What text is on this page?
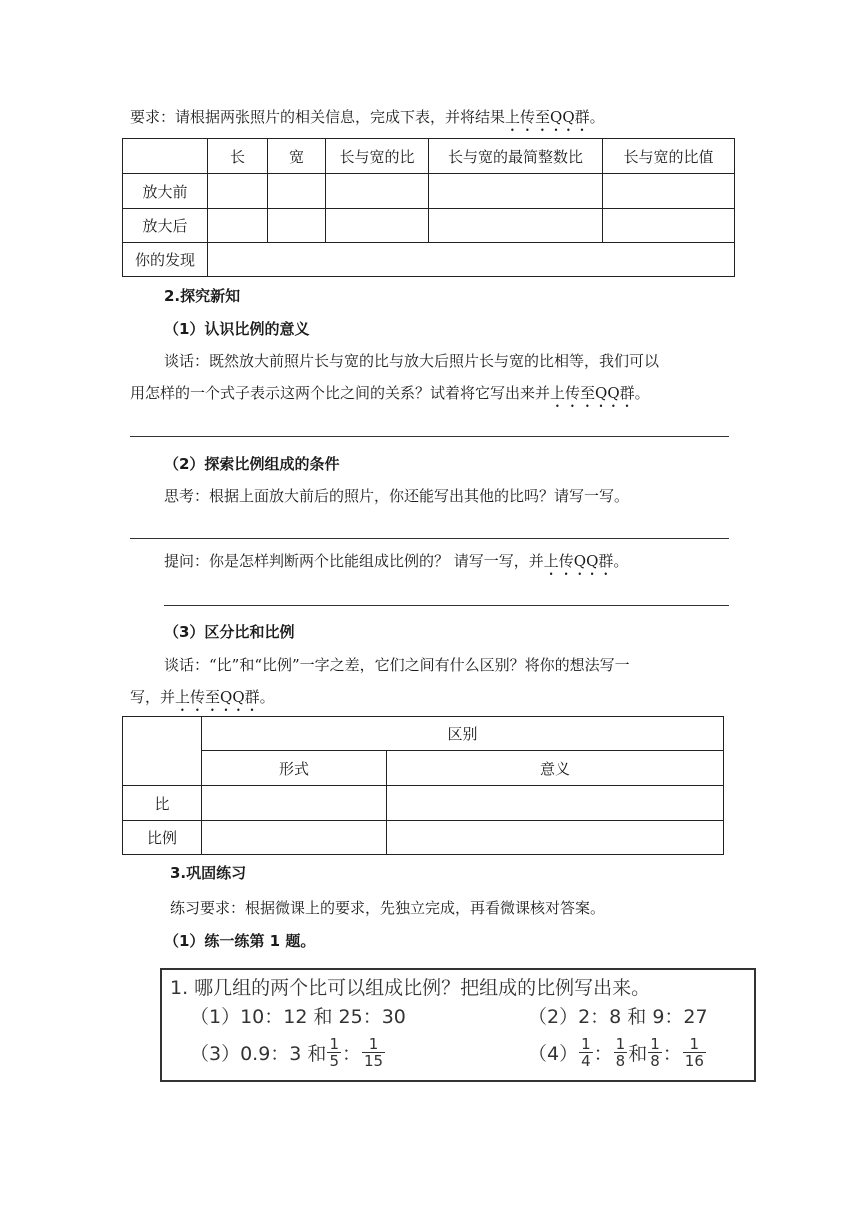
要求：请根据两张照片的相关信息，完成下表，并将结果上传至QQ群。
	长	宽	长与宽的比	长与宽的最简整数比	长与宽的比值
放大前					
放大后					
你的发现					
2.探究新知
（1）认识比例的意义
谈话：既然放大前照片长与宽的比与放大后照片长与宽的比相等，我们可以
用怎样的一个式子表示这两个比之间的关系？试着将它写出来并上传至QQ群。
（2）探索比例组成的条件
思考：根据上面放大前后的照片，你还能写出其他的比吗？请写一写。
提问：你是怎样判断两个比能组成比例的？ 请写一写，并上传QQ群。
（3）区分比和比例
谈话：“比”和“比例”一字之差，它们之间有什么区别？将你的想法写一
写，并上传至QQ群。
	区别	
	形式	意义
比		
比例		
3.巩固练习
练习要求：根据微课上的要求，先独立完成，再看微课核对答案。
（1）练一练第 1 题。
1. 哪几组的两个比可以组成比例？把组成的比例写出来。
（1）10：12 和 25：30	（2）2：8 和 9：27
（3）0.9：3 和 $\frac{1}{5}$ ： $\frac{1}{15}$	$(4) \frac{1}{4}$ ： $\frac{1}{8}$ 和 $\frac{1}{8}$ ： $\frac{1}{16}$
